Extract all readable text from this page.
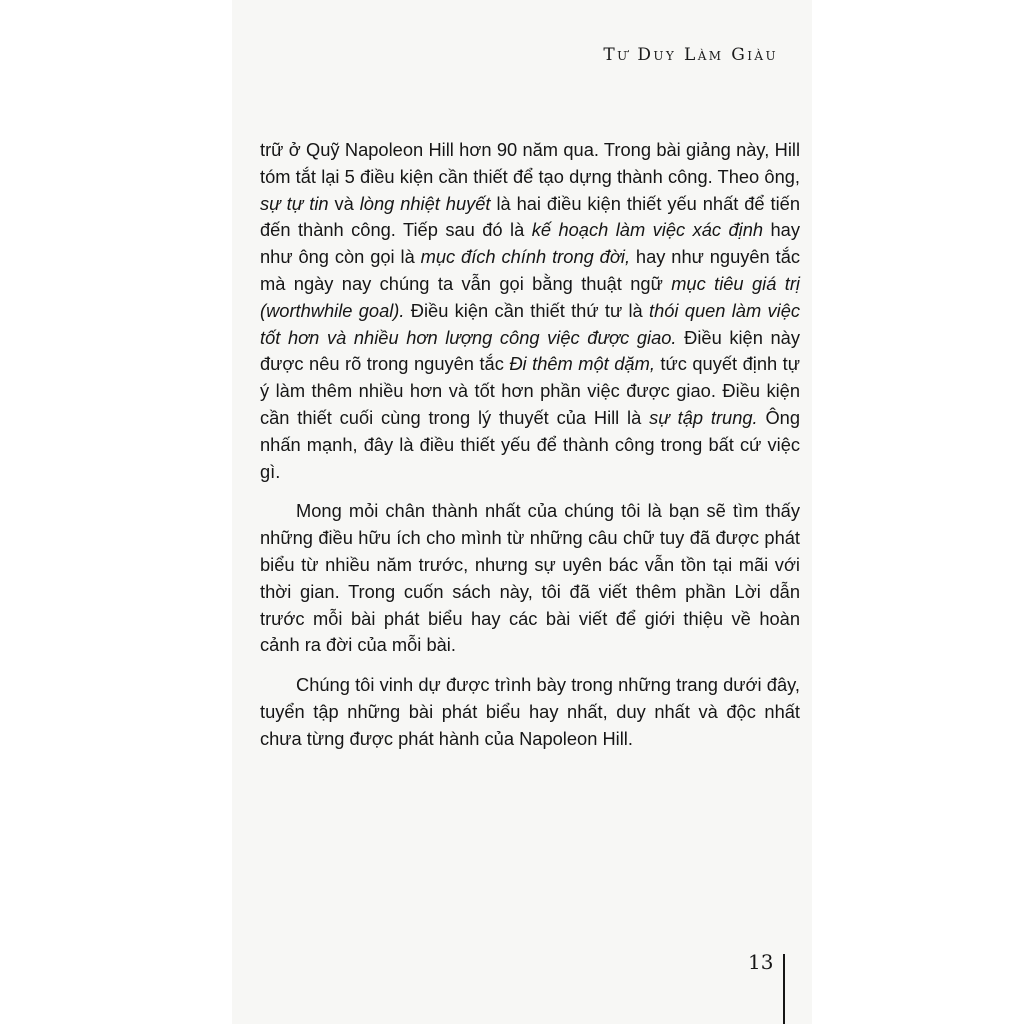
Tư Duy Làm Giàu

trữ ở Quỹ Napoleon Hill hơn 90 năm qua. Trong bài giảng này, Hill tóm tắt lại 5 điều kiện cần thiết để tạo dựng thành công. Theo ông, sự tự tin và lòng nhiệt huyết là hai điều kiện thiết yếu nhất để tiến đến thành công. Tiếp sau đó là kế hoạch làm việc xác định hay như ông còn gọi là mục đích chính trong đời, hay như nguyên tắc mà ngày nay chúng ta vẫn gọi bằng thuật ngữ mục tiêu giá trị (worthwhile goal). Điều kiện cần thiết thứ tư là thói quen làm việc tốt hơn và nhiều hơn lượng công việc được giao. Điều kiện này được nêu rõ trong nguyên tắc Đi thêm một dặm, tức quyết định tự ý làm thêm nhiều hơn và tốt hơn phần việc được giao. Điều kiện cần thiết cuối cùng trong lý thuyết của Hill là sự tập trung. Ông nhấn mạnh, đây là điều thiết yếu để thành công trong bất cứ việc gì.

Mong mỏi chân thành nhất của chúng tôi là bạn sẽ tìm thấy những điều hữu ích cho mình từ những câu chữ tuy đã được phát biểu từ nhiều năm trước, nhưng sự uyên bác vẫn tồn tại mãi với thời gian. Trong cuốn sách này, tôi đã viết thêm phần Lời dẫn trước mỗi bài phát biểu hay các bài viết để giới thiệu về hoàn cảnh ra đời của mỗi bài.

Chúng tôi vinh dự được trình bày trong những trang dưới đây, tuyển tập những bài phát biểu hay nhất, duy nhất và độc nhất chưa từng được phát hành của Napoleon Hill.

13
